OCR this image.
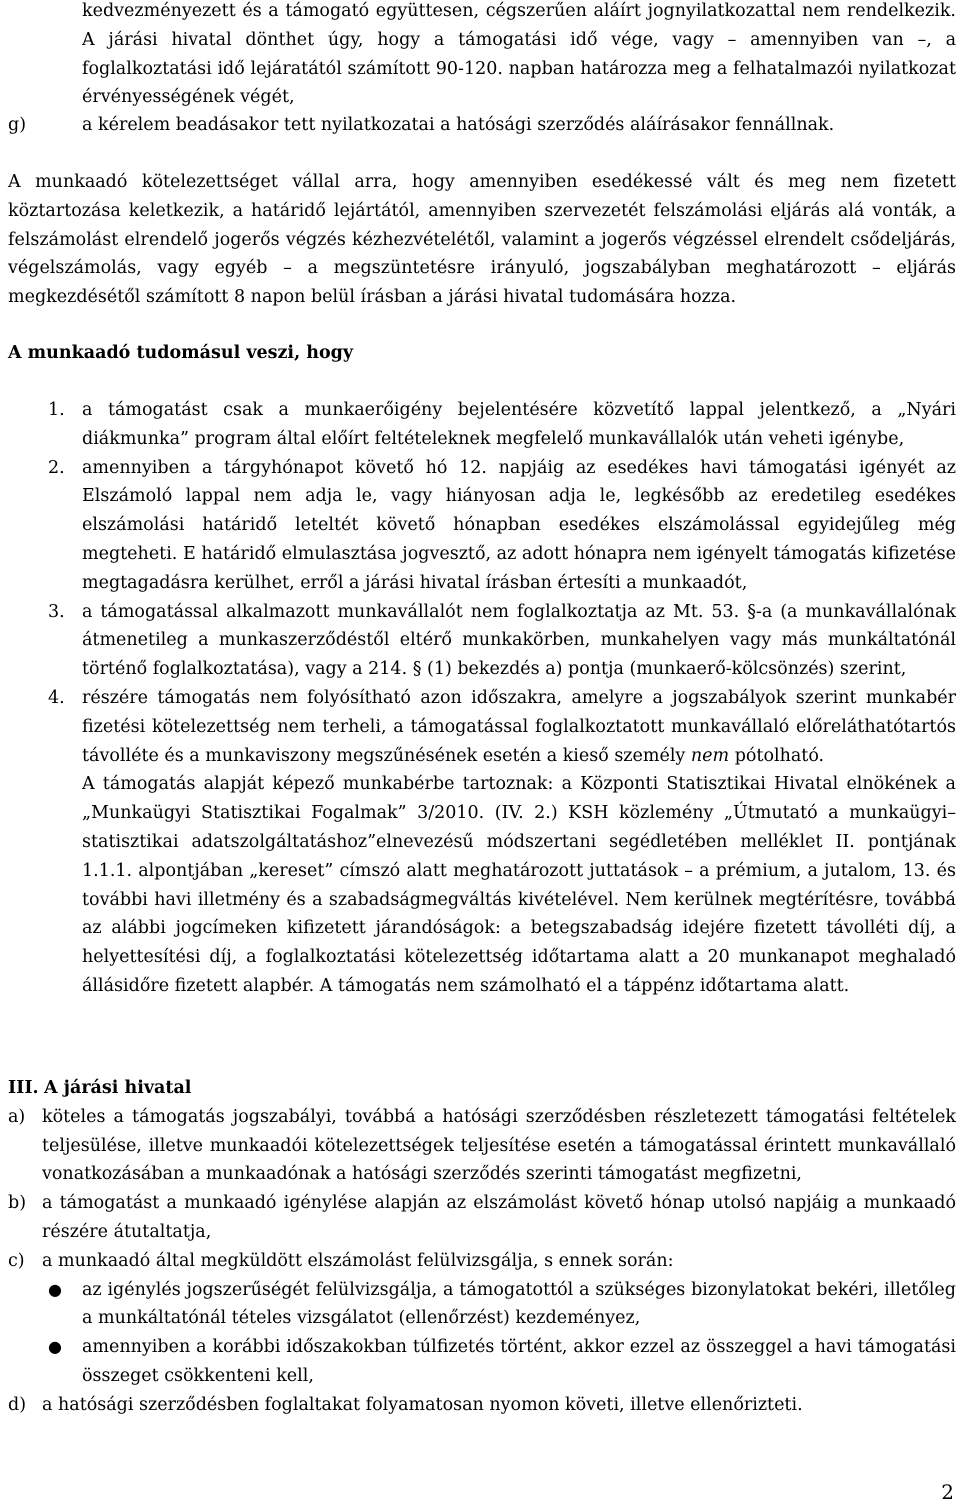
kedvezményezett és a támogató együttesen, cégszerűen aláírt jognyilatkozattal nem rendelkezik. A járási hivatal dönthet úgy, hogy a támogatási idő vége, vagy – amennyiben van –, a foglalkoztatási idő lejáratától számított 90-120. napban határozza meg a felhatalmazói nyilatkozat érvényességének végét,

g)	a kérelem beadásakor tett nyilatkozatai a hatósági szerződés aláírásakor fennállnak.

A munkaadó kötelezettséget vállal arra, hogy amennyiben esedékessé vált és meg nem fizetett köztartozása keletkezik, a határidő lejártától, amennyiben szervezetét felszámolási eljárás alá vonták, a felszámolást elrendelő jogerős végzés kézhezvételétől, valamint a jogerős végzéssel elrendelt csődeljárás, végelszámolás, vagy egyéb – a megszüntetésre irányuló, jogszabályban meghatározott – eljárás megkezdésétől számított 8 napon belül írásban a járási hivatal tudomására hozza.

A munkaadó tudomásul veszi, hogy

1. a támogatást csak a munkaerőigény bejelentésére közvetítő lappal jelentkező, a „Nyári diákmunka” program által előírt feltételeknek megfelelő munkavállalók után veheti igénybe,

2. amennyiben a tárgyhónapot követő hó 12. napjáig az esedékes havi támogatási igényét az Elszámoló lappal nem adja le, vagy hiányosan adja le, legkésőbb az eredetileg esedékes elszámolási határidő leteltét követő hónapban esedékes elszámolással egyidejűleg még megteheti. E határidő elmulasztása jogvesztő, az adott hónapra nem igényelt támogatás kifizetése megtagadásra kerülhet, erről a járási hivatal írásban értesíti a munkaadót,

3. a támogatással alkalmazott munkavállalót nem foglalkoztatja az Mt. 53. §-a (a munkavállalónak átmenetileg a munkaszerződéstől eltérő munkakörben, munkahelyen vagy más munkáltatónál történő foglalkoztatása), vagy a 214. § (1) bekezdés a) pontja (munkaerő-kölcsönzés) szerint,

4. részére támogatás nem folyósítható azon időszakra, amelyre a jogszabályok szerint munkabér fizetési kötelezettség nem terheli, a támogatással foglalkoztatott munkavállaló előreláthatótartós távolléte és a munkaviszony megszűnésének esetén a kieső személy nem pótolható.

A támogatás alapját képező munkabérbe tartoznak: a Központi Statisztikai Hivatal elnökének a „Munkaügyi Statisztikai Fogalmak” 3/2010. (IV. 2.) KSH közlemény „Útmutató a munkaügyi–statisztikai adatszolgáltatáshoz”elnevezésű módszertani segédletében melléklet II. pontjának 1.1.1. alpontjában „kereset” címszó alatt meghatározott juttatások – a prémium, a jutalom, 13. és további havi illetmény és a szabadságmegváltás kivételével. Nem kerülnek megtérítésre, továbbá az alábbi jogcímeken kifizetett járandóságok: a betegszabadság idejére fizetett távolléti díj, a helyettesítési díj, a foglalkoztatási kötelezettség időtartama alatt a 20 munkanapot meghaladó állásidőre fizetett alapbér. A támogatás nem számolható el a táppénz időtartama alatt.

III. A járási hivatal

a) köteles a támogatás jogszabályi, továbbá a hatósági szerződésben részletezett támogatási feltételek teljesülése, illetve munkaadói kötelezettségek teljesítése esetén a támogatással érintett munkavállaló vonatkozásában a munkaadónak a hatósági szerződés szerinti támogatást megfizetni,

b) a támogatást a munkaadó igénylése alapján az elszámolást követő hónap utolsó napjáig a munkaadó részére átutaltatja,

c) a munkaadó által megküldött elszámolást felülvizsgálja, s ennek során:

● az igénylés jogszerűségét felülvizsgálja, a támogatottól a szükséges bizonylatokat bekéri, illetőleg a munkáltatónál tételes vizsgálatot (ellenőrzést) kezdeményez,

● amennyiben a korábbi időszakokban túlfizetés történt, akkor ezzel az összeggel a havi támogatási összeget csökkenteni kell,

d) a hatósági szerződésben foglaltakat folyamatosan nyomon követi, illetve ellenőrizteti.

2
